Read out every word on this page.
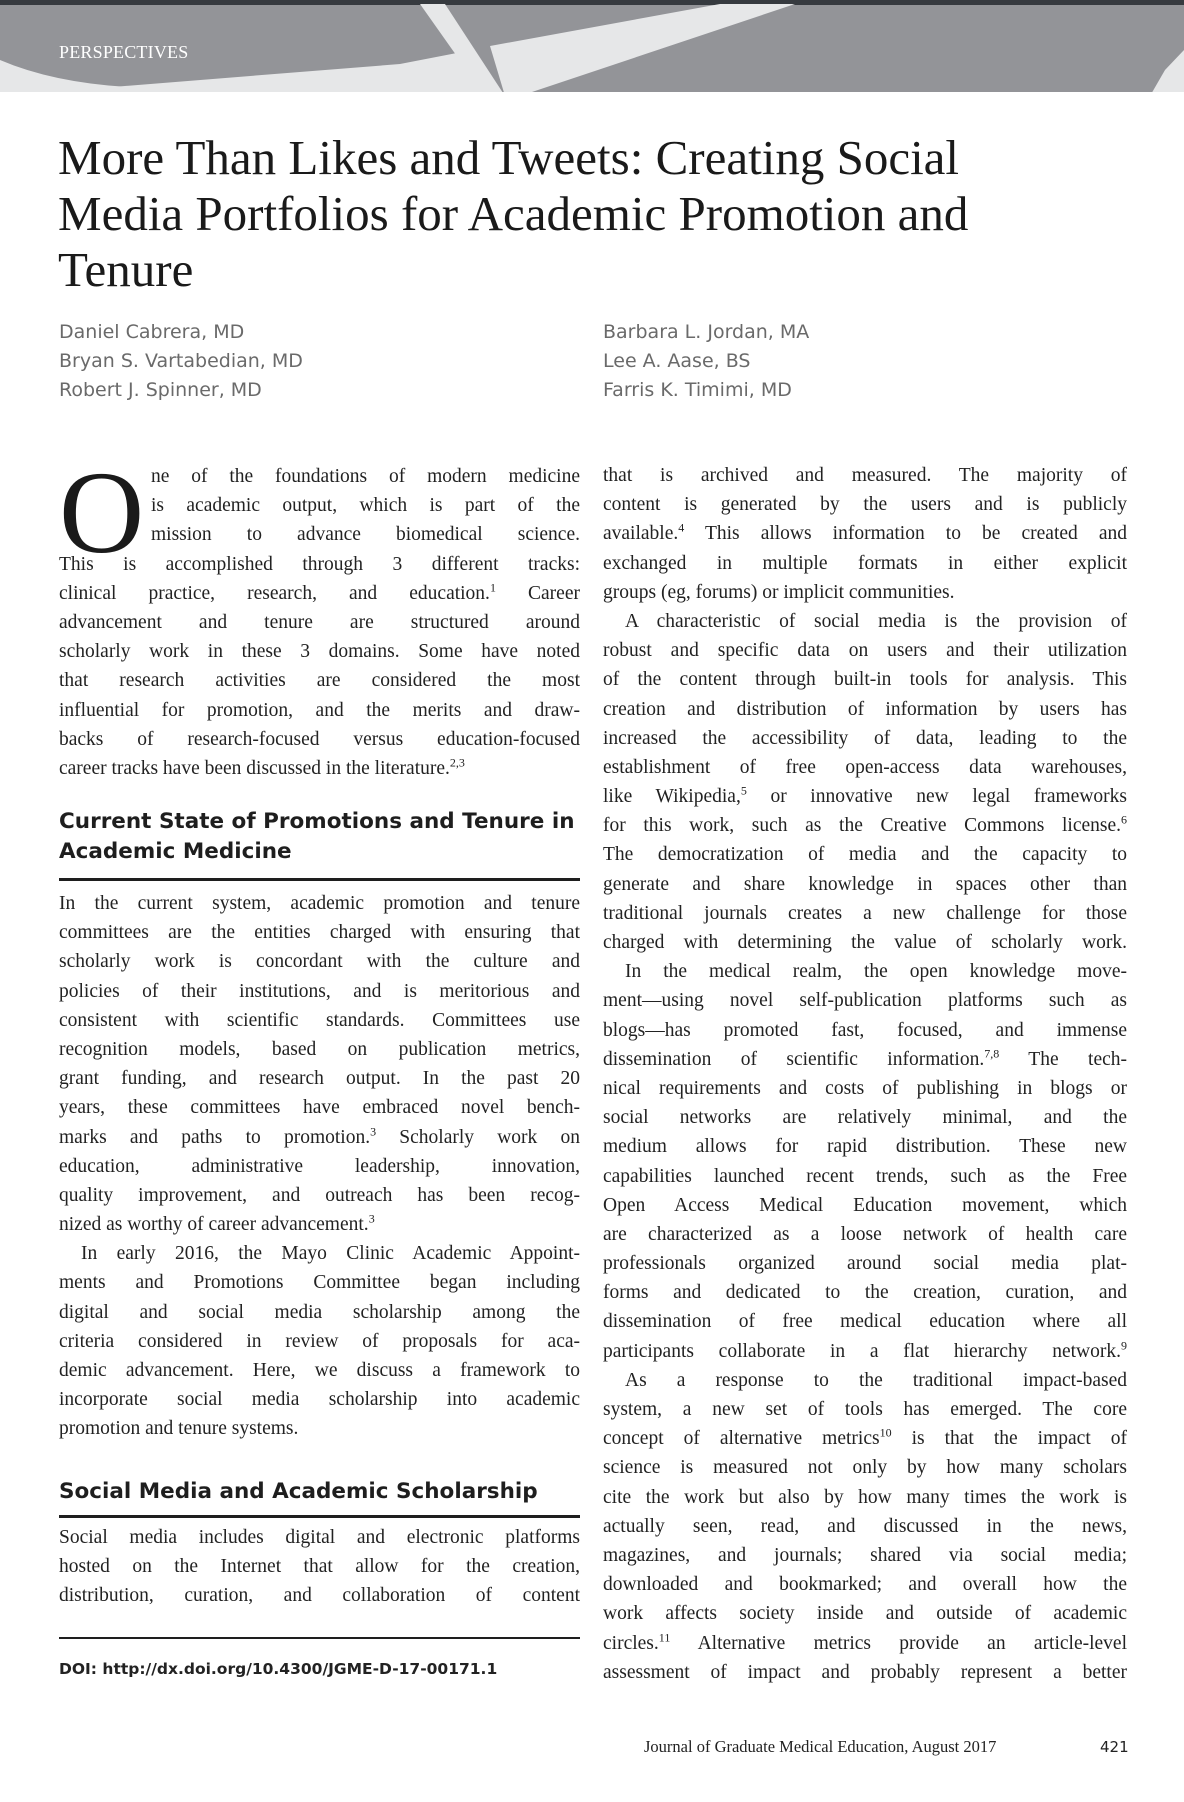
PERSPECTIVES
More Than Likes and Tweets: Creating Social
Media Portfolios for Academic Promotion and
Tenure
Daniel Cabrera, MD
Bryan S. Vartabedian, MD
Robert J. Spinner, MD
Barbara L. Jordan, MA
Lee A. Aase, BS
Farris K. Timimi, MD
O ne of the foundations of modern medicine
is academic output, which is part of the
mission to advance biomedical science.
This is accomplished through 3 different tracks:
clinical practice, research, and education.$^1$ Career
advancement and tenure are structured around
scholarly work in these 3 domains. Some have noted
that research activities are considered the most
influential for promotion, and the merits and draw-
backs of research-focused versus education-focused
career tracks have been discussed in the literature.$^{2,3}$
Current State of Promotions and Tenure in
Academic Medicine
In the current system, academic promotion and tenure
committees are the entities charged with ensuring that
scholarly work is concordant with the culture and
policies of their institutions, and is meritorious and
consistent with scientific standards. Committees use
recognition models, based on publication metrics,
grant funding, and research output. In the past 20
years, these committees have embraced novel bench-
marks and paths to promotion.$^3$ Scholarly work on
education, administrative leadership, innovation,
quality improvement, and outreach has been recog-
nized as worthy of career advancement.$^3$
In early 2016, the Mayo Clinic Academic Appoint-
ments and Promotions Committee began including
digital and social media scholarship among the
criteria considered in review of proposals for aca-
demic advancement. Here, we discuss a framework to
incorporate social media scholarship into academic
promotion and tenure systems.
Social Media and Academic Scholarship
Social media includes digital and electronic platforms
hosted on the Internet that allow for the creation,
distribution, curation, and collaboration of content
DOI: http://dx.doi.org/10.4300/JGME-D-17-00171.1
that is archived and measured. The majority of
content is generated by the users and is publicly
available.$^4$ This allows information to be created and
exchanged in multiple formats in either explicit
groups (eg, forums) or implicit communities.
A characteristic of social media is the provision of
robust and specific data on users and their utilization
of the content through built-in tools for analysis. This
creation and distribution of information by users has
increased the accessibility of data, leading to the
establishment of free open-access data warehouses,
like Wikipedia,$^5$ or innovative new legal frameworks
for this work, such as the Creative Commons license.$^6$
The democratization of media and the capacity to
generate and share knowledge in spaces other than
traditional journals creates a new challenge for those
charged with determining the value of scholarly work.
In the medical realm, the open knowledge move-
ment—using novel self-publication platforms such as
blogs—has promoted fast, focused, and immense
dissemination of scientific information.$^{7,8}$ The tech-
nical requirements and costs of publishing in blogs or
social networks are relatively minimal, and the
medium allows for rapid distribution. These new
capabilities launched recent trends, such as the Free
Open Access Medical Education movement, which
are characterized as a loose network of health care
professionals organized around social media plat-
forms and dedicated to the creation, curation, and
dissemination of free medical education where all
participants collaborate in a flat hierarchy network.$^9$
As a response to the traditional impact-based
system, a new set of tools has emerged. The core
concept of alternative metrics$^{10}$ is that the impact of
science is measured not only by how many scholars
cite the work but also by how many times the work is
actually seen, read, and discussed in the news,
magazines, and journals; shared via social media;
downloaded and bookmarked; and overall how the
work affects society inside and outside of academic
circles.$^{11}$ Alternative metrics provide an article-level
assessment of impact and probably represent a better
Journal of Graduate Medical Education, August 2017	421
